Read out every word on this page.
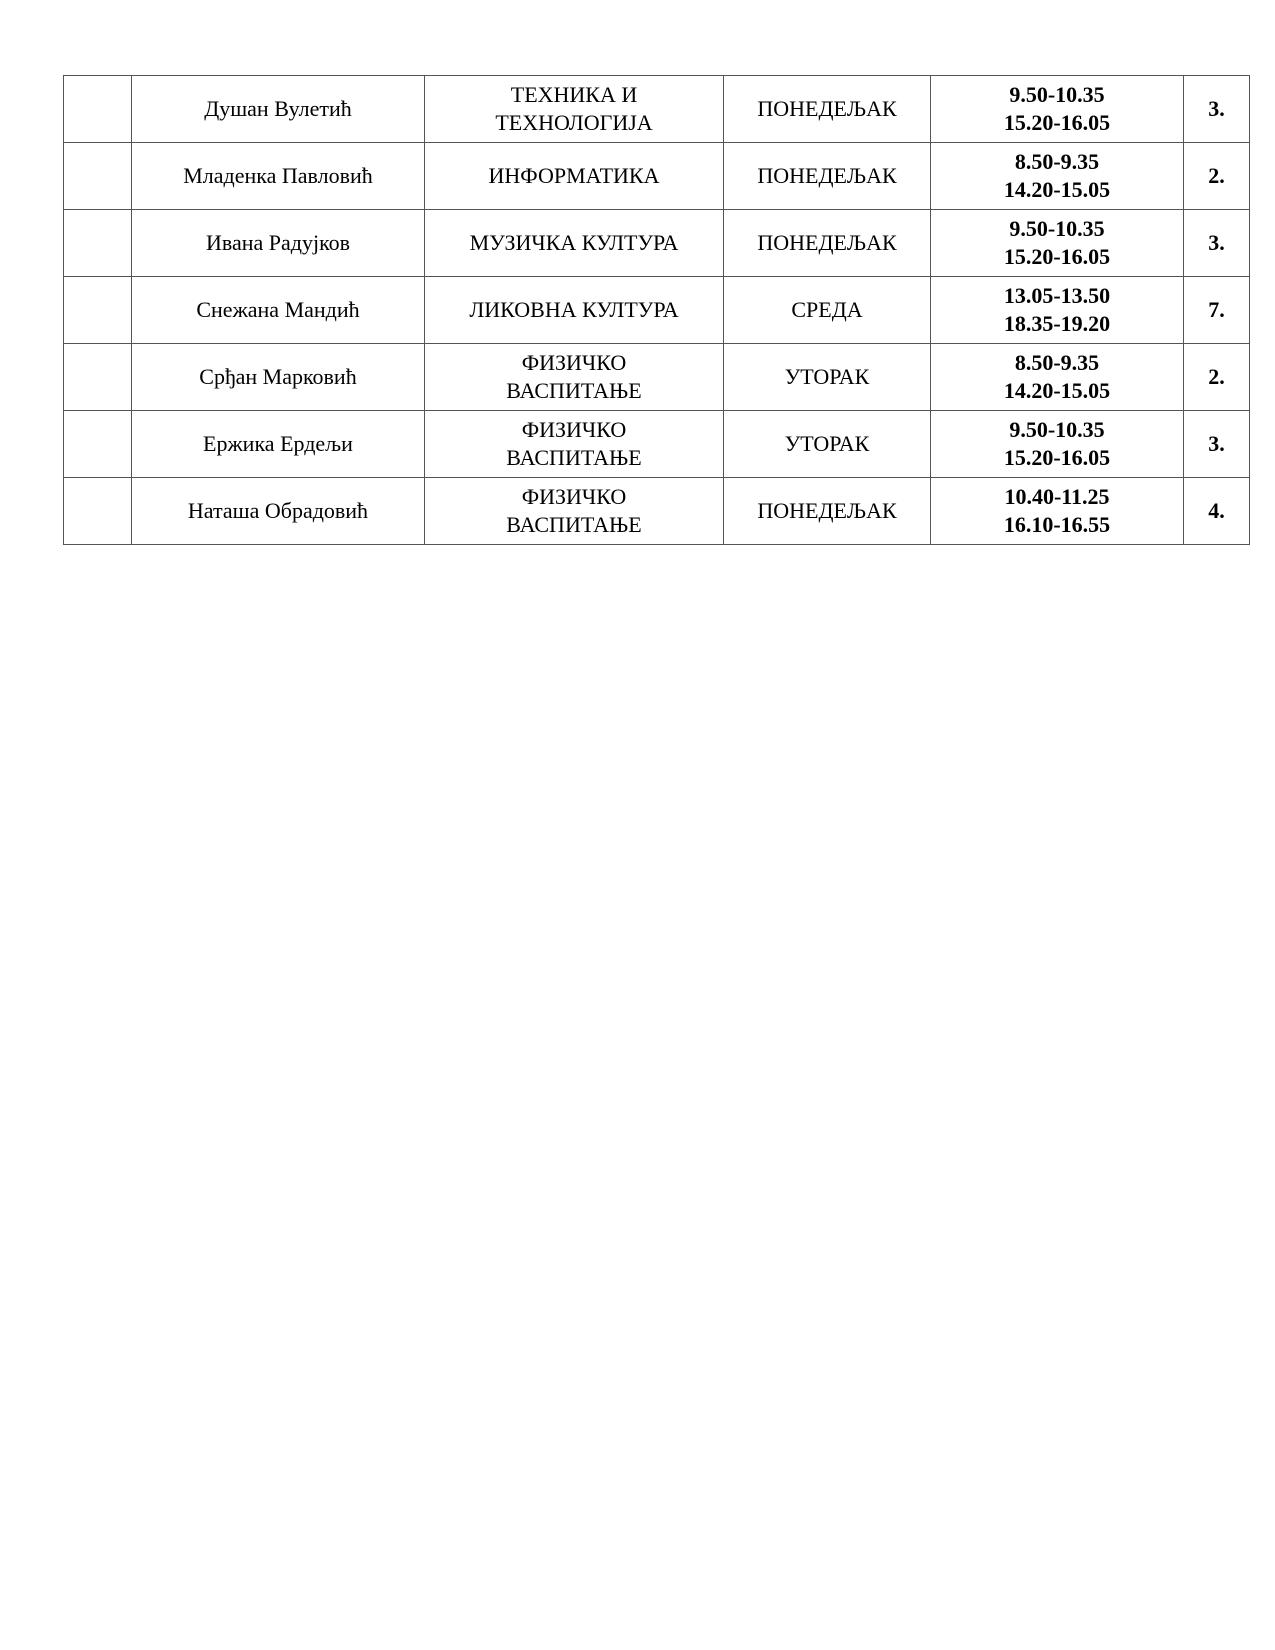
	Душан Вулетић	ТЕХНИКА И
ТЕХНОЛОГИЈА	ПОНЕДЕЉАК	9.50-10.35
15.20-16.05	3.
	Младенка Павловић	ИНФОРМАТИКА	ПОНЕДЕЉАК	8.50-9.35
14.20-15.05	2.
	Ивана Радујков	МУЗИЧКА КУЛТУРА	ПОНЕДЕЉАК	9.50-10.35
15.20-16.05	3.
	Снежана Мандић	ЛИКОВНА КУЛТУРА	СРЕДА	13.05-13.50
18.35-19.20	7.
	Срђан Марковић	ФИЗИЧКО
ВАСПИТАЊЕ	УТОРАК	8.50-9.35
14.20-15.05	2.
	Ержика Ердељи	ФИЗИЧКО
ВАСПИТАЊЕ	УТОРАК	9.50-10.35
15.20-16.05	3.
	Наташа Обрадовић	ФИЗИЧКО
ВАСПИТАЊЕ	ПОНЕДЕЉАК	10.40-11.25
16.10-16.55	4.
